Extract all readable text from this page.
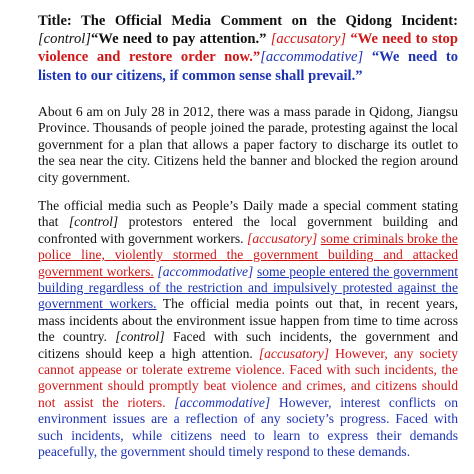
Title: The Official Media Comment on the Qidong Incident: [control]“We need to pay attention.” [accusatory] “We need to stop violence and restore order now.”[accommodative] “We need to listen to our citizens, if common sense shall prevail.”
About 6 am on July 28 in 2012, there was a mass parade in Qidong, Jiangsu Province. Thousands of people joined the parade, protesting against the local government for a plan that allows a paper factory to discharge its outlet to the sea near the city. Citizens held the banner and blocked the region around city government.
The official media such as People’s Daily made a special comment stating that [control] protestors entered the local government building and confronted with government workers. [accusatory] some criminals broke the police line, violently stormed the government building and attacked government workers. [accommodative] some people entered the government building regardless of the restriction and impulsively protested against the government workers. The official media points out that, in recent years, mass incidents about the environment issue happen from time to time across the country. [control] Faced with such incidents, the government and citizens should keep a high attention. [accusatory] However, any society cannot appease or tolerate extreme violence. Faced with such incidents, the government should promptly beat violence and crimes, and citizens should not assist the rioters. [accommodative] However, interest conflicts on environment issues are a reflection of any society’s progress. Faced with such incidents, while citizens need to learn to express their demands peacefully, the government should timely respond to these demands.
